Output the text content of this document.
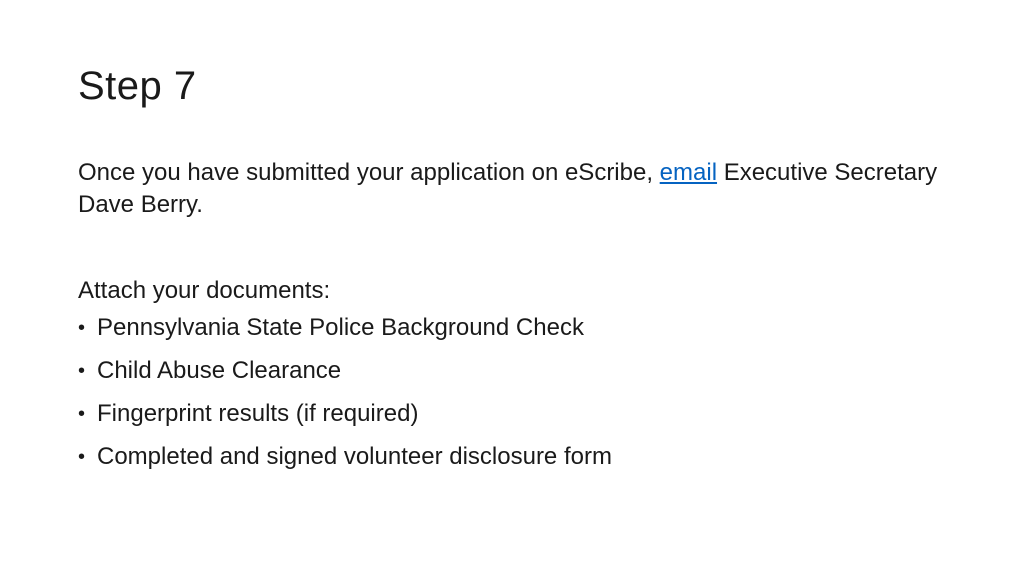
Step 7

Once you have submitted your application on eScribe, email Executive Secretary Dave Berry.

Attach your documents:

• Pennsylvania State Police Background Check
• Child Abuse Clearance
• Fingerprint results (if required)
• Completed and signed volunteer disclosure form
